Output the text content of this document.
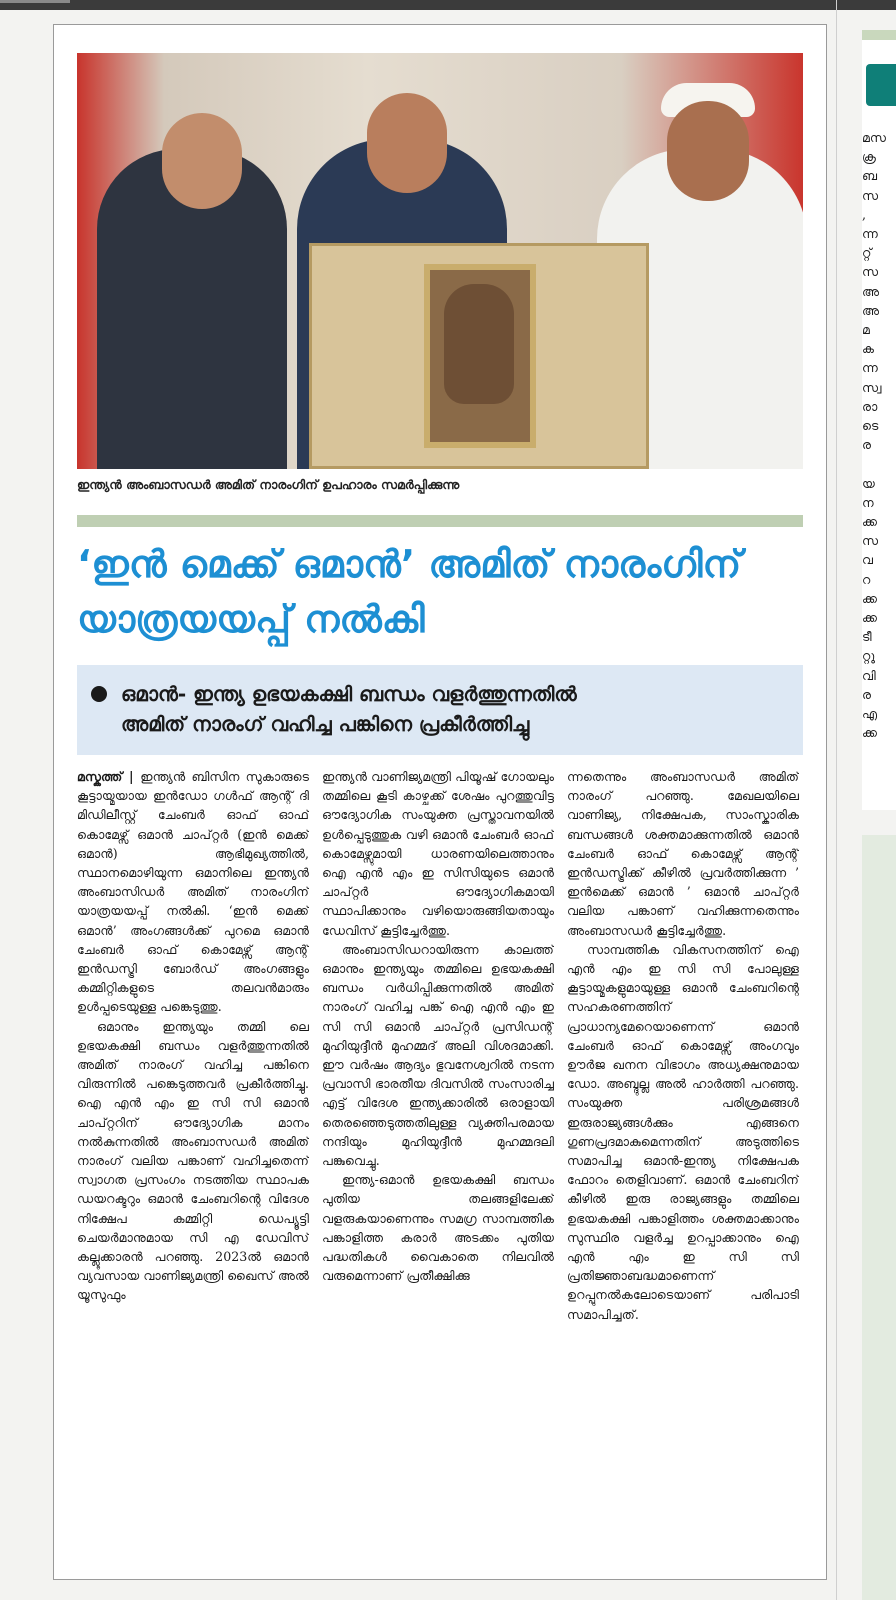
ഇന്ത്യൻ അംബാസഡർ അമിത് നാരംഗിന് ഉപഹാരം സമർപ്പിക്കുന്നു
‘ഇൻ മെക്ക് ഒമാൻ’ അമിത് നാരംഗിന്
യാത്രയയപ്പ് നൽകി
ഒമാൻ- ഇന്ത്യ ഉഭയകക്ഷി ബന്ധം വളർത്തുന്നതിൽ
അമിത് നാരംഗ് വഹിച്ച പങ്കിനെ പ്രകീർത്തിച്ചു

മസ്കത്ത് | ഇന്ത്യൻ ബിസിന സുകാരുടെ കൂട്ടായ്മയായ ഇൻഡോ ഗൾഫ് ആന്റ് ദി മിഡിലീസ്റ്റ് ചേംബർ ഓഫ് ഓഫ് കൊമേഴ്സ് ഒമാൻ ചാപ്റ്റർ (ഇൻ മെക്ക് ഒമാൻ) ആഭിമുഖ്യത്തിൽ, സ്ഥാനമൊഴിയുന്ന ഒമാനിലെ ഇന്ത്യൻ അംബാസിഡർ അമിത് നാരംഗിന് യാത്രയയപ്പ് നൽകി. ‘ഇൻ മെക്ക് ഒമാൻ’ അംഗങ്ങൾക്ക് പുറമെ ഒമാൻ ചേംബർ ഓഫ് കൊമേഴ്സ് ആന്റ് ഇൻഡസ്ട്രി ബോർഡ് അംഗങ്ങളും കമ്മിറ്റികളുടെ തലവൻമാരും ഉൾപ്പടെയുള്ള പങ്കെടുത്തു.

ഒമാനും ഇന്ത്യയും തമ്മി ലെ ഉഭയകക്ഷി ബന്ധം വളർത്തുന്നതിൽ അമിത് നാരംഗ് വഹിച്ച പങ്കിനെ വിരുന്നിൽ പങ്കെടുത്തവർ പ്രകീർത്തിച്ചു. ഐ എൻ എം ഇ സി സി ഒമാൻ ചാപ്റ്ററിന് ഔദ്യോഗിക മാനം നൽകുന്നതിൽ അംബാസഡർ അമിത് നാരംഗ് വലിയ പങ്കാണ് വഹിച്ചതെന്ന് സ്വാഗത പ്രസംഗം നടത്തിയ സ്ഥാപക ഡയറക്ടറും ഒമാൻ ചേംബറിന്റെ വിദേശ നിക്ഷേപ കമ്മിറ്റി ഡെപ്യൂട്ടി ചെയർമാനുമായ സി എ ഡേവിസ് കല്ലൂക്കാരൻ പറഞ്ഞു. 2023ൽ ഒമാൻ വ്യവസായ വാണിജ്യമന്ത്രി ഖൈസ് അൽ യൂസുഫും

ഇന്ത്യൻ വാണിജ്യമന്ത്രി പിയൂഷ് ഗോയലും തമ്മിലെ കൂടി കാഴ്ചക്ക് ശേഷം പുറത്തുവിട്ട ഔദ്യോഗിക സംയുക്ത പ്രസ്താവനയിൽ ഉൾപ്പെടുത്തുക വഴി ഒമാൻ ചേംബർ ഓഫ് കൊമേഴ്സുമായി ധാരണയിലെത്താനും ഐ എൻ എം ഇ സിസിയുടെ ഒമാൻ ചാപ്റ്റർ ഔദ്യോഗികമായി സ്ഥാപിക്കാനും വഴിയൊരുങ്ങിയതായും ഡേവിസ് കൂട്ടിച്ചേർത്തു.

അംബാസിഡറായിരുന്ന കാലത്ത് ഒമാനും ഇന്ത്യയും തമ്മിലെ ഉഭയകക്ഷി ബന്ധം വർധിപ്പിക്കുന്നതിൽ അമിത് നാരംഗ് വഹിച്ച പങ്ക് ഐ എൻ എം ഇ സി സി ഒമാൻ ചാപ്റ്റർ പ്രസിഡന്റ് മുഹിയുദ്ദീൻ മുഹമ്മദ് അലി വിശദമാക്കി. ഈ വർഷം ആദ്യം ഭുവനേശ്വറിൽ നടന്ന പ്രവാസി ഭാരതീയ ദിവസിൽ സംസാരിച്ച എട്ട് വിദേശ ഇന്ത്യക്കാരിൽ ഒരാളായി തെരഞ്ഞെടുത്തതിലുള്ള വ്യക്തിപരമായ നന്ദിയും മുഹിയുദ്ദീൻ മുഹമ്മദലി പങ്കുവെച്ചു.

ഇന്ത്യ-ഒമാൻ ഉഭയകക്ഷി ബന്ധം പുതിയ തലങ്ങളിലേക്ക് വളരുകയാണെന്നും സമഗ്ര സാമ്പത്തിക പങ്കാളിത്ത കരാർ അടക്കം പുതിയ പദ്ധതികൾ വൈകാതെ നിലവിൽ വരുമെന്നാണ് പ്രതീക്ഷിക്കു

ന്നതെന്നും അംബാസഡർ അമിത് നാരംഗ് പറഞ്ഞു. മേഖലയിലെ വാണിജ്യ, നിക്ഷേപക, സാംസ്കാരിക ബന്ധങ്ങൾ ശക്തമാക്കുന്നതിൽ ഒമാൻ ചേംബർ ഓഫ് കൊമേഴ്സ് ആന്റ് ഇൻഡസ്ട്രിക്ക് കീഴിൽ പ്രവർത്തിക്കുന്ന ’ ഇൻമെക്ക് ഒമാൻ ’ ഒമാൻ ചാപ്റ്റർ വലിയ പങ്കാണ് വഹിക്കുന്നതെന്നും അംബാസഡർ കൂട്ടിച്ചേർത്തു.

സാമ്പത്തിക വികസനത്തിന് ഐ എൻ എം ഇ സി സി പോലുള്ള കൂട്ടായ്മകളുമായുള്ള ഒമാൻ ചേംബറിന്റെ സഹകരണത്തിന് പ്രാധാന്യമേറെയാണെന്ന് ഒമാൻ ചേംബർ ഓഫ് കൊമേഴ്സ് അംഗവും ഊർജ ഖനന വിഭാഗം അധ്യക്ഷനുമായ ഡോ. അബ്ദുല്ല അൽ ഹാർത്തി പറഞ്ഞു. സംയുക്ത പരിശ്രമങ്ങൾ ഇരുരാജ്യങ്ങൾക്കും എങ്ങനെ ഗുണപ്രദമാകുമെന്നതിന് അടുത്തിടെ സമാപിച്ച ഒമാൻ-ഇന്ത്യ നിക്ഷേപക ഫോറം തെളിവാണ്. ഒമാൻ ചേംബറിന് കീഴിൽ ഇരു രാജ്യങ്ങളും തമ്മിലെ ഉഭയകക്ഷി പങ്കാളിത്തം ശക്തമാക്കാനും സുസ്ഥിര വളർച്ച ഉറപ്പാക്കാനും ഐ എൻ എം ഇ സി സി പ്രതിജ്ഞാബദ്ധമാണെന്ന് ഉറപ്പുനൽകലോടെയാണ് പരിപാടി സമാപിച്ചത്.

മസ
ക്ര
ബ
സ
,
ന്ന
റ്റ്
സ
അ
അ
മ
ക
ന്ന
സ്വ
രാ
ടെ
ര

യ
ന
ക്ക
സ
വ
റ
ക്ക
ക്ക
ടീ
റ്റു
വി
ര
എ
ക്ക
